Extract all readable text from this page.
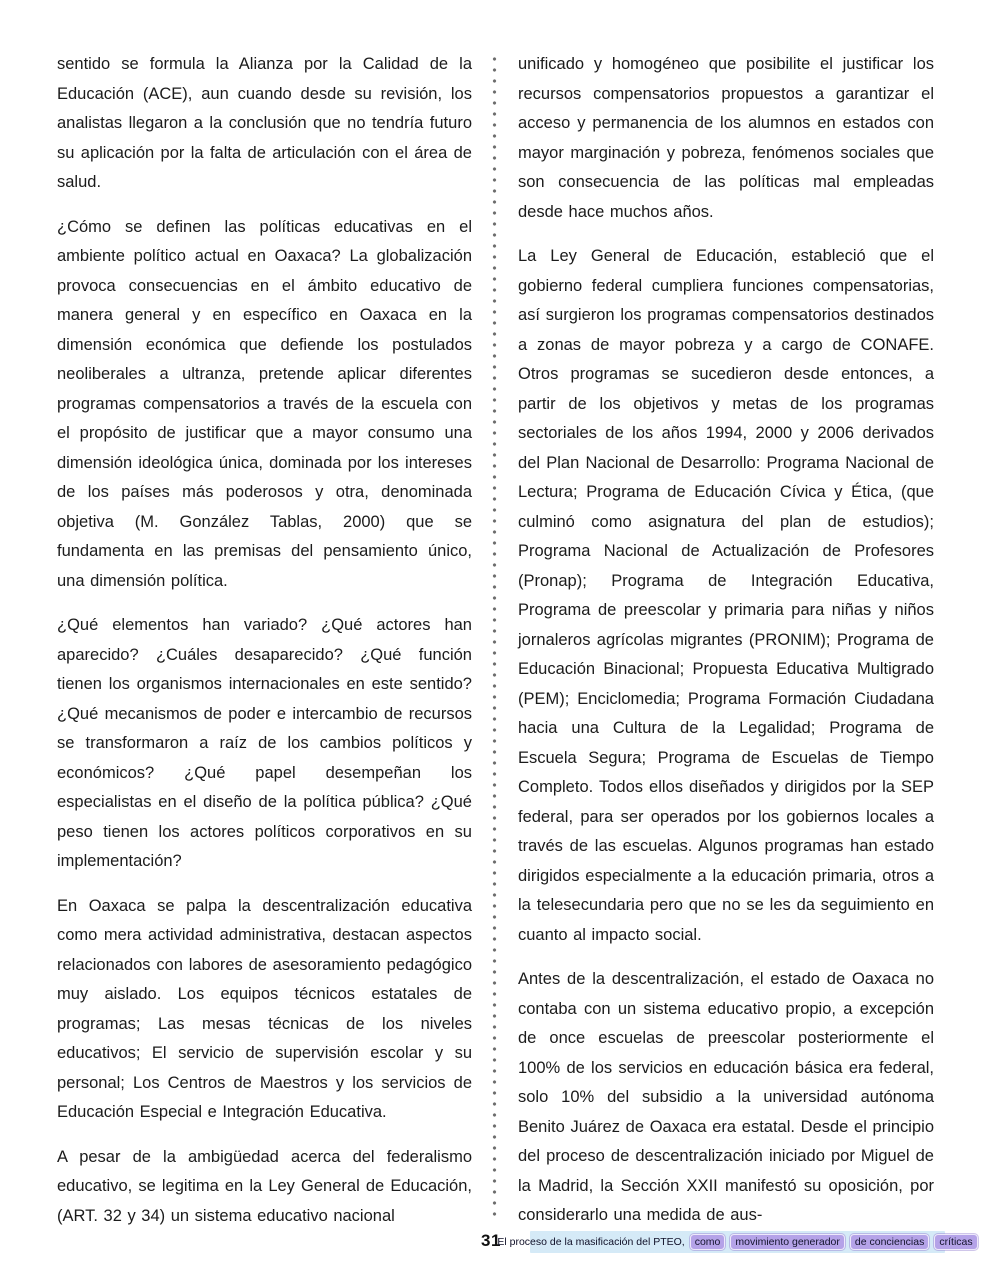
sentido se formula la Alianza por la Calidad de la Educación (ACE), aun cuando desde su revisión, los analistas llegaron a la conclusión que no tendría futuro su aplicación por la falta de articulación con el área de salud.

¿Cómo se definen las políticas educativas en el ambiente político actual en Oaxaca? La globalización provoca consecuencias en el ámbito educativo de manera general y en específico en Oaxaca en la dimensión económica que defiende los postulados neoliberales a ultranza, pretende aplicar diferentes programas compensatorios a través de la escuela con el propósito de justificar que a mayor consumo una dimensión ideológica única, dominada por los intereses de los países más poderosos y otra, denominada objetiva (M. González Tablas, 2000) que se fundamenta en las premisas del pensamiento único, una dimensión política.

¿Qué elementos han variado? ¿Qué actores han aparecido? ¿Cuáles desaparecido? ¿Qué función tienen los organismos internacionales en este sentido? ¿Qué mecanismos de poder e intercambio de recursos se transformaron a raíz de los cambios políticos y económicos? ¿Qué papel desempeñan los especialistas en el diseño de la política pública? ¿Qué peso tienen los actores políticos corporativos en su implementación?

En Oaxaca se palpa la descentralización educativa como mera actividad administrativa, destacan aspectos relacionados con labores de asesoramiento pedagógico muy aislado. Los equipos técnicos estatales de programas; Las mesas técnicas de los niveles educativos; El servicio de supervisión escolar y su personal; Los Centros de Maestros y los servicios de Educación Especial e Integración Educativa.

A pesar de la ambigüedad acerca del federalismo educativo, se legitima en la Ley General de Educación, (ART. 32 y 34) un sistema educativo nacional

unificado y homogéneo que posibilite el justificar los recursos compensatorios propuestos a garantizar el acceso y permanencia de los alumnos en estados con mayor marginación y pobreza, fenómenos sociales que son consecuencia de las políticas mal empleadas desde hace muchos años.

La Ley General de Educación, estableció que el gobierno federal cumpliera funciones compensatorias, así surgieron los programas compensatorios destinados a zonas de mayor pobreza y a cargo de CONAFE. Otros programas se sucedieron desde entonces, a partir de los objetivos y metas de los programas sectoriales de los años 1994, 2000 y 2006 derivados del Plan Nacional de Desarrollo: Programa Nacional de Lectura; Programa de Educación Cívica y Ética, (que culminó como asignatura del plan de estudios); Programa Nacional de Actualización de Profesores (Pronap); Programa de Integración Educativa, Programa de preescolar y primaria para niñas y niños jornaleros agrícolas migrantes (PRONIM); Programa de Educación Binacional; Propuesta Educativa Multigrado (PEM); Enciclomedia; Programa Formación Ciudadana hacia una Cultura de la Legalidad; Programa de Escuela Segura; Programa de Escuelas de Tiempo Completo. Todos ellos diseñados y dirigidos por la SEP federal, para ser operados por los gobiernos locales a través de las escuelas. Algunos programas han estado dirigidos especialmente a la educación primaria, otros a la telesecundaria pero que no se les da seguimiento en cuanto al impacto social.

Antes de la descentralización, el estado de Oaxaca no contaba con un sistema educativo propio, a excepción de once escuelas de preescolar posteriormente el 100% de los servicios en educación básica era federal, solo 10% del subsidio a la universidad autónoma Benito Juárez de Oaxaca era estatal. Desde el principio del proceso de descentralización iniciado por Miguel de la Madrid, la Sección XXII manifestó su oposición, por considerarlo una medida de aus-

31
El proceso de la masificación del PTEO, como	movimiento generador	de conciencias	críticas
